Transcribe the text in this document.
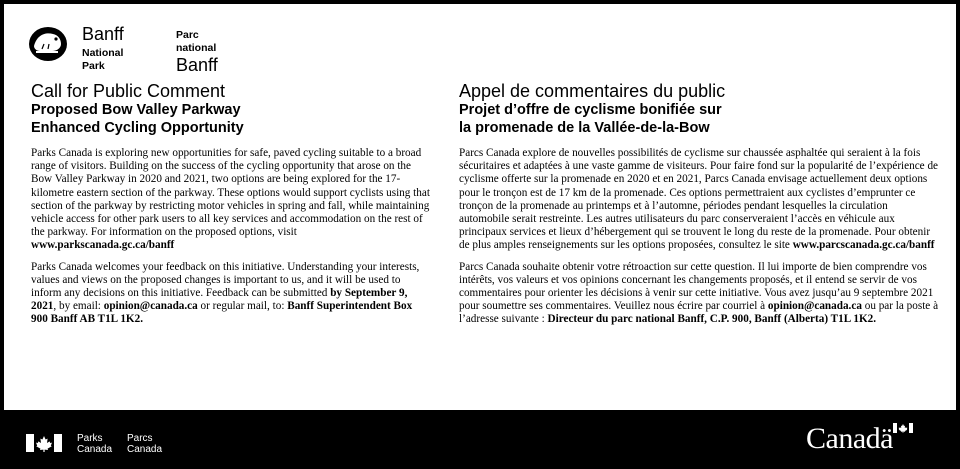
Banff
National Park
Parc national
Banff
Call for Public Comment
Proposed Bow Valley Parkway
Enhanced Cycling Opportunity

Parks Canada is exploring new opportunities for safe, paved cycling suitable to a broad range of visitors. Building on the success of the cycling opportunity that arose on the Bow Valley Parkway in 2020 and 2021, two options are being explored for the 17-kilometre eastern section of the parkway. These options would support cyclists using that section of the parkway by restricting motor vehicles in spring and fall, while maintaining vehicle access for other park users to all key services and accommodation on the rest of the parkway. For information on the proposed options, visit
www.parkscanada.gc.ca/banff

Parks Canada welcomes your feedback on this initiative. Understanding your interests, values and views on the proposed changes is important to us, and it will be used to inform any decisions on this initiative. Feedback can be submitted by September 9, 2021, by email: opinion@canada.ca or regular mail, to: Banff Superintendent Box 900 Banff AB T1L 1K2.

Appel de commentaires du public
Projet d’offre de cyclisme bonifiée sur
la promenade de la Vallée-de-la-Bow

Parcs Canada explore de nouvelles possibilités de cyclisme sur chaussée asphaltée qui seraient à la fois sécuritaires et adaptées à une vaste gamme de visiteurs. Pour faire fond sur la popularité de l’expérience de cyclisme offerte sur la promenade en 2020 et en 2021, Parcs Canada envisage actuellement deux options pour le tronçon est de 17 km de la promenade. Ces options permettraient aux cyclistes d’emprunter ce tronçon de la promenade au printemps et à l’automne, périodes pendant lesquelles la circulation automobile serait restreinte. Les autres utilisateurs du parc conserveraient l’accès en véhicule aux principaux services et lieux d’hébergement qui se trouvent le long du reste de la promenade. Pour obtenir de plus amples renseignements sur les options proposées, consultez le site www.parcscanada.gc.ca/banff

Parcs Canada souhaite obtenir votre rétroaction sur cette question. Il lui importe de bien comprendre vos intérêts, vos valeurs et vos opinions concernant les changements proposés, et il entend se servir de vos commentaires pour orienter les décisions à venir sur cette initiative. Vous avez jusqu’au 9 septembre 2021 pour soumettre ses commentaires. Veuillez nous écrire par courriel à opinion@canada.ca ou par la poste à l’adresse suivante : Directeur du parc national Banff, C.P. 900, Banff (Alberta) T1L 1K2.

Parks
Canada
Parcs
Canada	Canadä
